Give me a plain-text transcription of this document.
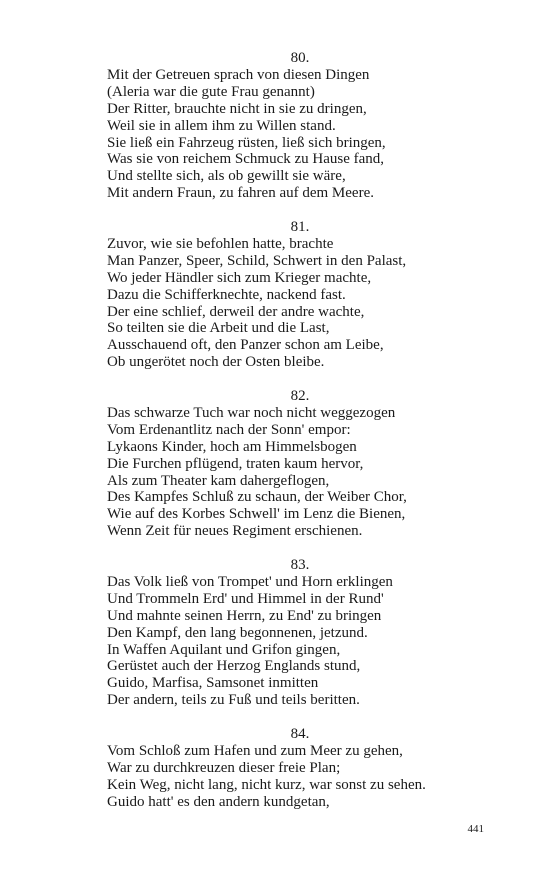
80.
Mit der Getreuen sprach von diesen Dingen
(Aleria war die gute Frau genannt)
Der Ritter, brauchte nicht in sie zu dringen,
Weil sie in allem ihm zu Willen stand.
Sie ließ ein Fahrzeug rüsten, ließ sich bringen,
Was sie von reichem Schmuck zu Hause fand,
Und stellte sich, als ob gewillt sie wäre,
Mit andern Fraun, zu fahren auf dem Meere.
81.
Zuvor, wie sie befohlen hatte, brachte
Man Panzer, Speer, Schild, Schwert in den Palast,
Wo jeder Händler sich zum Krieger machte,
Dazu die Schifferknechte, nackend fast.
Der eine schlief, derweil der andre wachte,
So teilten sie die Arbeit und die Last,
Ausschauend oft, den Panzer schon am Leibe,
Ob ungerötet noch der Osten bleibe.
82.
Das schwarze Tuch war noch nicht weggezogen
Vom Erdenantlitz nach der Sonn' empor:
Lykaons Kinder, hoch am Himmelsbogen
Die Furchen pflügend, traten kaum hervor,
Als zum Theater kam dahergeflogen,
Des Kampfes Schluß zu schaun, der Weiber Chor,
Wie auf des Korbes Schwell' im Lenz die Bienen,
Wenn Zeit für neues Regiment erschienen.
83.
Das Volk ließ von Trompet' und Horn erklingen
Und Trommeln Erd' und Himmel in der Rund'
Und mahnte seinen Herrn, zu End' zu bringen
Den Kampf, den lang begonnenen, jetzund.
In Waffen Aquilant und Grifon gingen,
Gerüstet auch der Herzog Englands stund,
Guido, Marfisa, Samsonet inmitten
Der andern, teils zu Fuß und teils beritten.
84.
Vom Schloß zum Hafen und zum Meer zu gehen,
War zu durchkreuzen dieser freie Plan;
Kein Weg, nicht lang, nicht kurz, war sonst zu sehen.
Guido hatt' es den andern kundgetan,
441
